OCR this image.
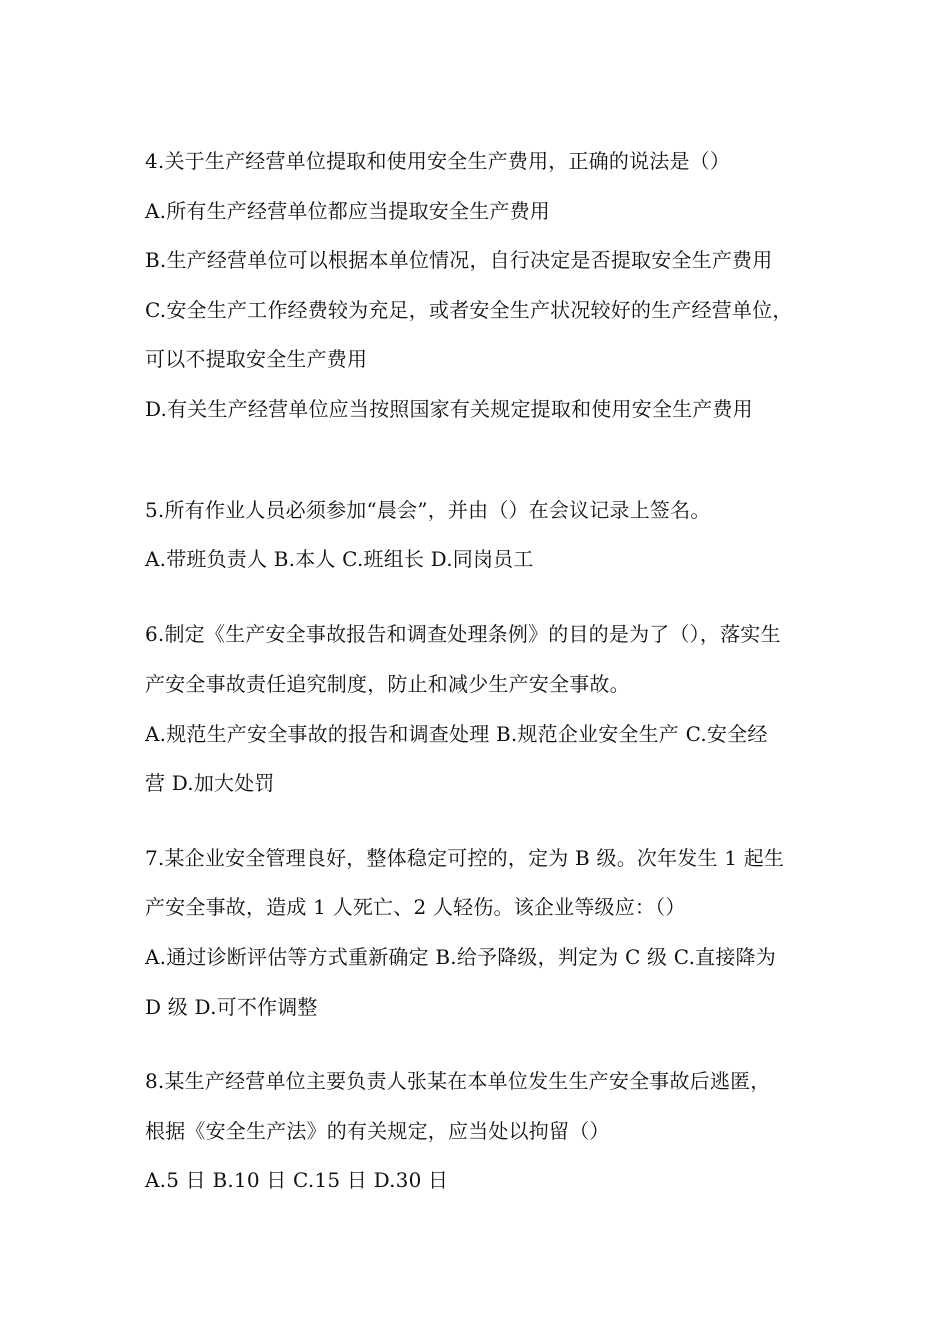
4.关于生产经营单位提取和使用安全生产费用，正确的说法是（）
A.所有生产经营单位都应当提取安全生产费用
B.生产经营单位可以根据本单位情况，自行决定是否提取安全生产费用
C.安全生产工作经费较为充足，或者安全生产状况较好的生产经营单位，
可以不提取安全生产费用
D.有关生产经营单位应当按照国家有关规定提取和使用安全生产费用
5.所有作业人员必须参加“晨会”，并由（）在会议记录上签名。
A.带班负责人 B.本人 C.班组长 D.同岗员工
6.制定《生产安全事故报告和调查处理条例》的目的是为了（），落实生
产安全事故责任追究制度，防止和减少生产安全事故。
A.规范生产安全事故的报告和调查处理 B.规范企业安全生产 C.安全经
营 D.加大处罚
7.某企业安全管理良好，整体稳定可控的，定为 B 级。次年发生 1 起生
产安全事故，造成 1 人死亡、2 人轻伤。该企业等级应：（）
A.通过诊断评估等方式重新确定 B.给予降级，判定为 C 级 C.直接降为
D 级 D.可不作调整
8.某生产经营单位主要负责人张某在本单位发生生产安全事故后逃匿，
根据《安全生产法》的有关规定，应当处以拘留（）
A.5 日 B.10 日 C.15 日 D.30 日
